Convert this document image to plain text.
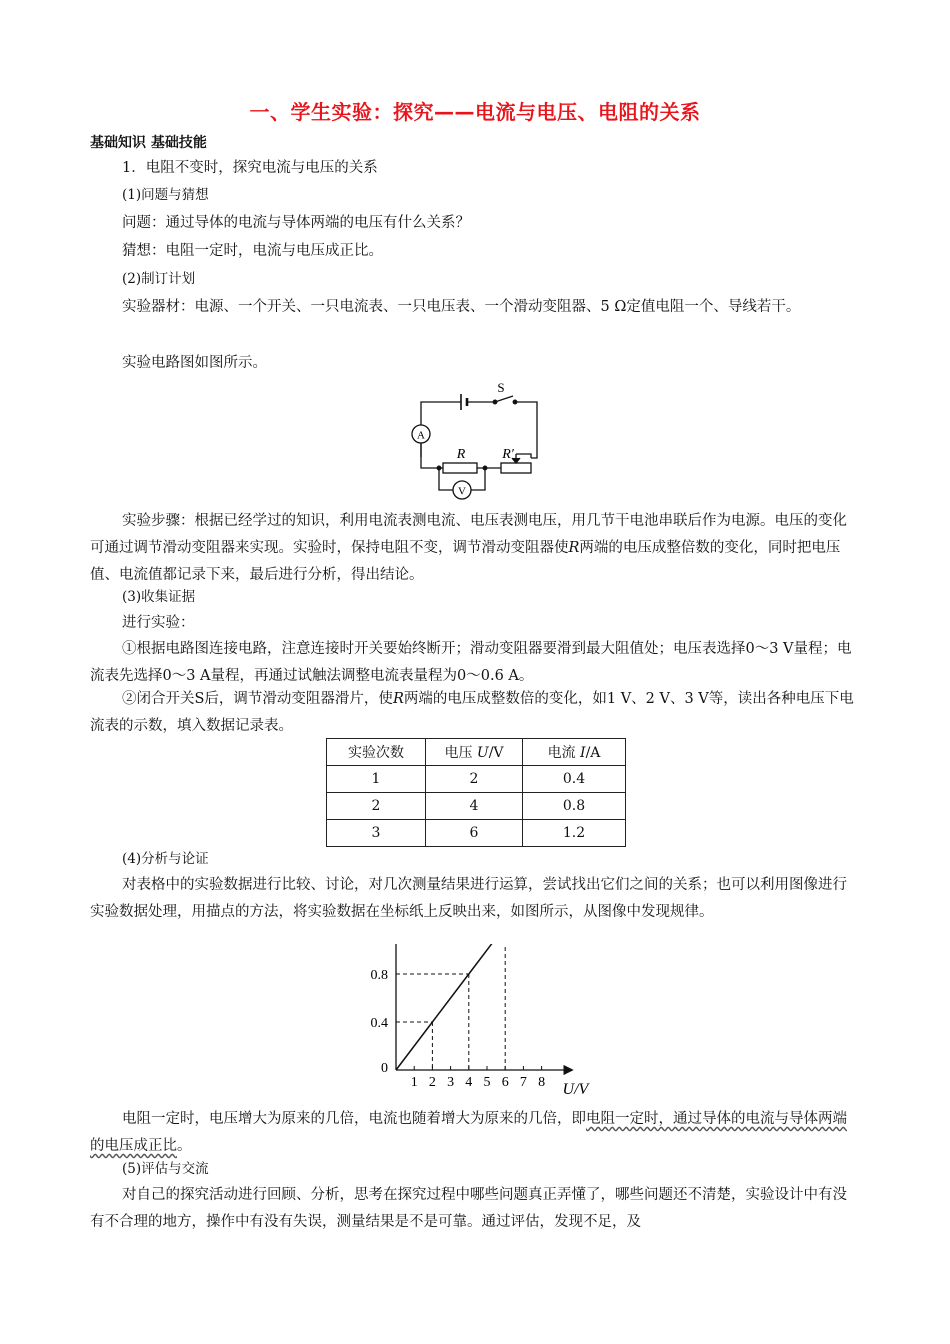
一、学生实验：探究——电流与电压、电阻的关系
基础知识 基础技能
1．电阻不变时，探究电流与电压的关系
(1)问题与猜想
问题：通过导体的电流与导体两端的电压有什么关系？
猜想：电阻一定时，电流与电压成正比。
(2)制订计划
实验器材：电源、一个开关、一只电流表、一只电压表、一个滑动变阻器、5 Ω定值电阻一个、导线若干。
实验电路图如图所示。
A
V
S
R	R′
实验步骤：根据已经学过的知识，利用电流表测电流、电压表测电压，用几节干电池串联后作为电源。电压的变化可通过调节滑动变阻器来实现。实验时，保持电阻不变，调节滑动变阻器使R两端的电压成整倍数的变化，同时把电压值、电流值都记录下来，最后进行分析，得出结论。
(3)收集证据
进行实验：
①根据电路图连接电路，注意连接时开关要始终断开；滑动变阻器要滑到最大阻值处；电压表选择0～3 V量程；电流表先选择0～3 A量程，再通过试触法调整电流表量程为0～0.6 A。
②闭合开关S后，调节滑动变阻器滑片，使R两端的电压成整数倍的变化，如1 V、2 V、3 V等，读出各种电压下电流表的示数，填入数据记录表。
实验次数	电压 U/V	电流 I/A
1	2	0.4
2	4	0.8
3	6	1.2
(4)分析与论证
对表格中的实验数据进行比较、讨论，对几次测量结果进行运算，尝试找出它们之间的关系；也可以利用图像进行实验数据处理，用描点的方法，将实验数据在坐标纸上反映出来，如图所示，从图像中发现规律。
0
1 2 3 4 5 6 7 8
0.4
0.8
U/V
电阻一定时，电压增大为原来的几倍，电流也随着增大为原来的几倍，即电阻一定时，通过导体的电流与导体两端的电压成正比。
(5)评估与交流
对自己的探究活动进行回顾、分析，思考在探究过程中哪些问题真正弄懂了，哪些问题还不清楚，实验设计中有没有不合理的地方，操作中有没有失误，测量结果是不是可靠。通过评估，发现不足，及
